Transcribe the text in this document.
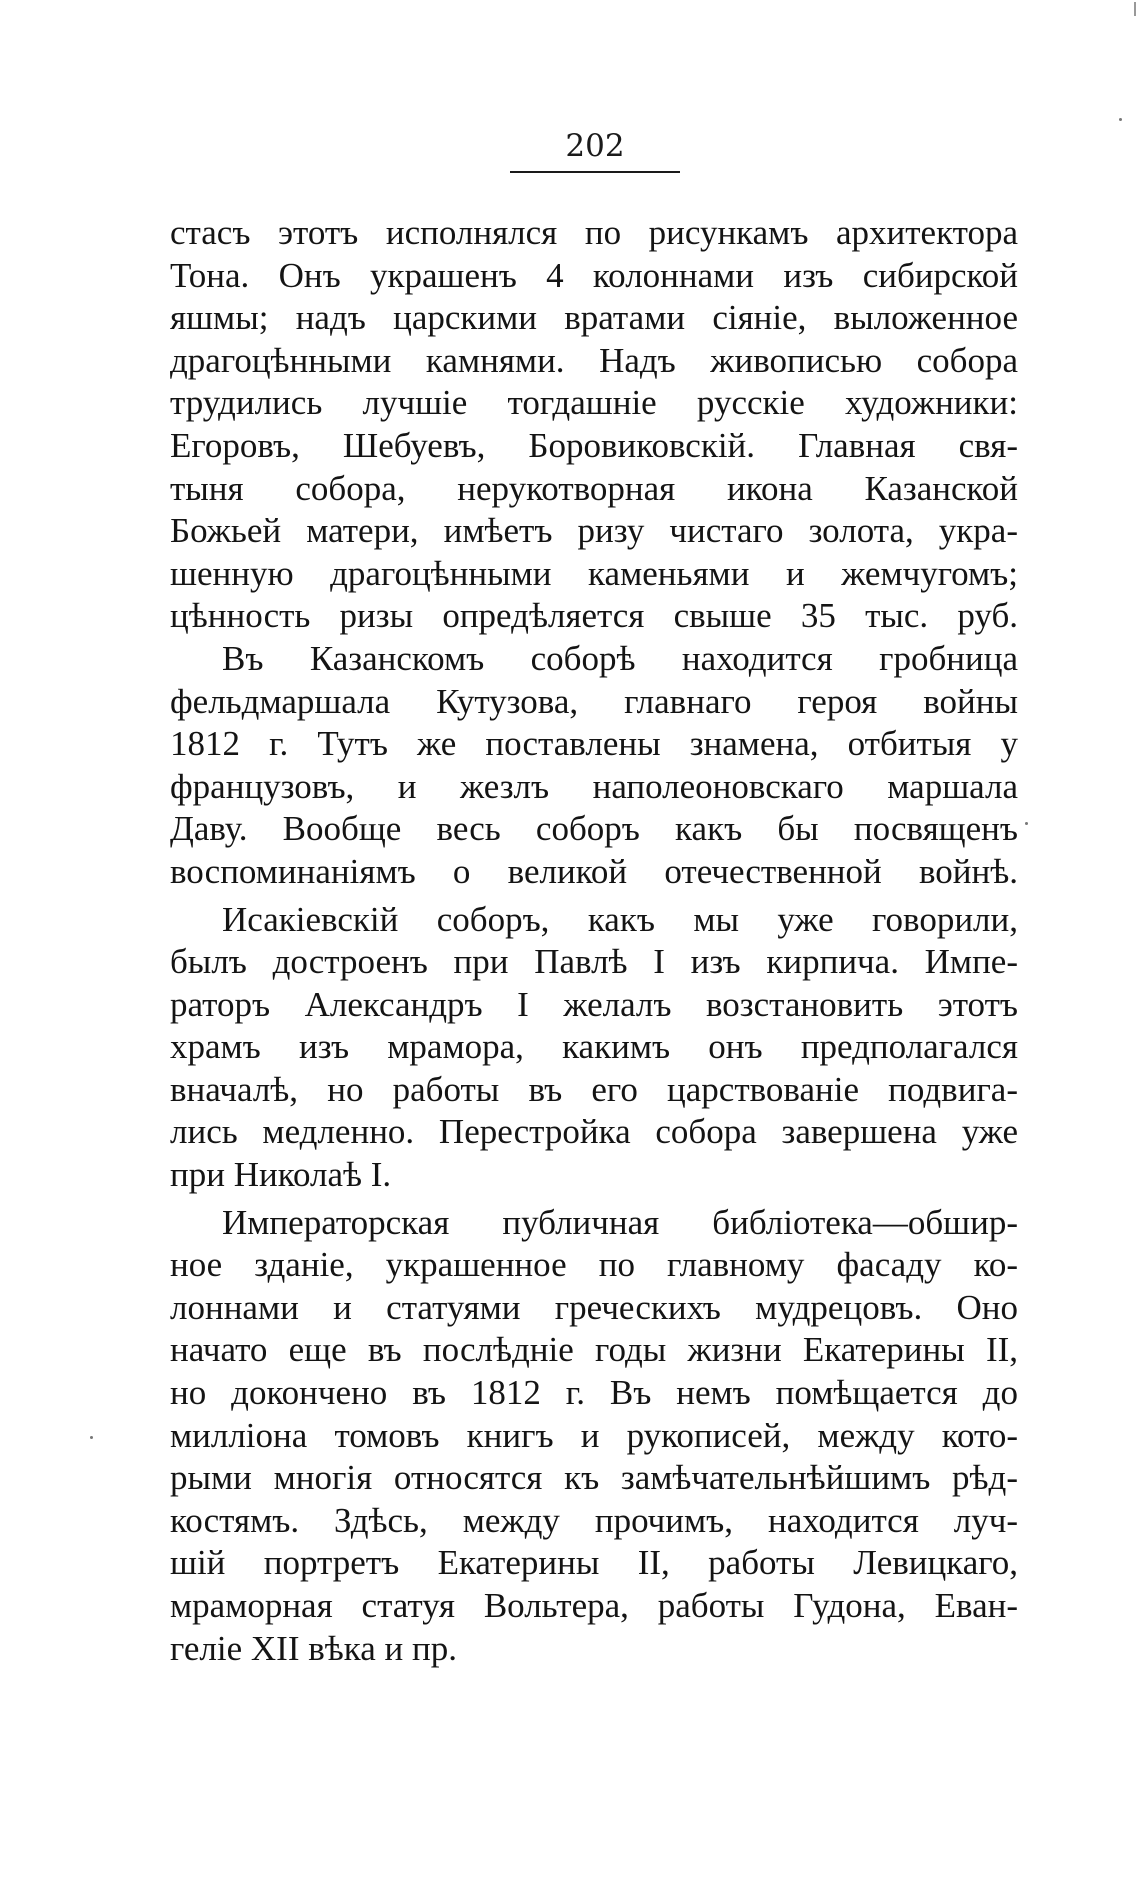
202
стасъ этотъ исполнялся по рисункамъ архитектора
Тона. Онъ украшенъ 4 колоннами изъ сибирской
яшмы; надъ царскими вратами сіяніе, выложенное
драгоцѣнными камнями. Надъ живописью собора
трудились лучшіе тогдашніе русскіе художники:
Егоровъ, Шебуевъ, Боровиковскій. Главная свя-
тыня собора, нерукотворная икона Казанской
Божьей матери, имѣетъ ризу чистаго золота, укра-
шенную драгоцѣнными каменьями и жемчугомъ;
цѣнность ризы опредѣляется свыше 35 тыс. руб.
Въ Казанскомъ соборѣ находится гробница
фельдмаршала Кутузова, главнаго героя войны
1812 г. Тутъ же поставлены знамена, отбитыя у
французовъ, и жезлъ наполеоновскаго маршала
Даву. Вообще весь соборъ какъ бы посвященъ
воспоминаніямъ о великой отечественной войнѣ.
Исакіевскій соборъ, какъ мы уже говорили,
былъ достроенъ при Павлѣ I изъ кирпича. Импе-
раторъ Александръ I желалъ возстановить этотъ
храмъ изъ мрамора, какимъ онъ предполагался
вначалѣ, но работы въ его царствованіе подвига-
лись медленно. Перестройка собора завершена уже
при Николаѣ I.
Императорская публичная библіотека—обшир-
ное зданіе, украшенное по главному фасаду ко-
лоннами и статуями греческихъ мудрецовъ. Оно
начато еще въ послѣдніе годы жизни Екатерины II,
но докончено въ 1812 г. Въ немъ помѣщается до
милліона томовъ книгъ и рукописей, между кото-
рыми многія относятся къ замѣчательнѣйшимъ рѣд-
костямъ. Здѣсь, между прочимъ, находится луч-
шій портретъ Екатерины II, работы Левицкаго,
мраморная статуя Вольтера, работы Гудона, Еван-
геліе XII вѣка и пр.
